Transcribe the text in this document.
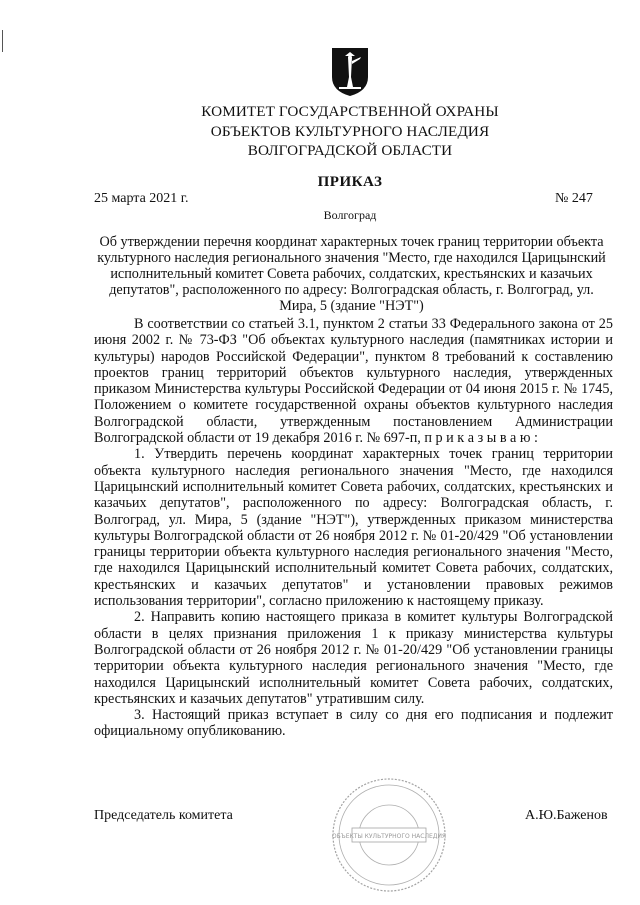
КОМИТЕТ ГОСУДАРСТВЕННОЙ ОХРАНЫ
ОБЪЕКТОВ КУЛЬТУРНОГО НАСЛЕДИЯ
ВОЛГОГРАДСКОЙ ОБЛАСТИ
ПРИКАЗ
25 марта 2021 г.	№ 247
Волгоград
Об утверждении перечня координат характерных точек границ территории объекта культурного наследия регионального значения "Место, где находился Царицынский исполнительный комитет Совета рабочих, солдатских, крестьянских и казачьих депутатов", расположенного по адресу: Волгоградская область, г. Волгоград, ул. Мира, 5 (здание "НЭТ")

В соответствии со статьей 3.1, пунктом 2 статьи 33 Федерального закона от 25 июня 2002 г. № 73-ФЗ "Об объектах культурного наследия (памятниках истории и культуры) народов Российской Федерации", пунктом 8 требований к составлению проектов границ территорий объектов культурного наследия, утвержденных приказом Министерства культуры Российской Федерации от 04 июня 2015 г. № 1745, Положением о комитете государственной охраны объектов культурного наследия Волгоградской области, утвержденным постановлением Администрации Волгоградской области от 19 декабря 2016 г. № 697-п, п р и к а з ы в а ю :

1. Утвердить перечень координат характерных точек границ территории объекта культурного наследия регионального значения "Место, где находился Царицынский исполнительный комитет Совета рабочих, солдатских, крестьянских и казачьих депутатов", расположенного по адресу: Волгоградская область, г. Волгоград, ул. Мира, 5 (здание "НЭТ"), утвержденных приказом министерства культуры Волгоградской области от 26 ноября 2012 г. № 01-20/429 "Об установлении границы территории объекта культурного наследия регионального значения "Место, где находился Царицынский исполнительный комитет Совета рабочих, солдатских, крестьянских и казачьих депутатов" и установлении правовых режимов использования территории", согласно приложению к настоящему приказу.

2. Направить копию настоящего приказа в комитет культуры Волгоградской области в целях признания приложения 1 к приказу министерства культуры Волгоградской области от 26 ноября 2012 г. № 01-20/429 "Об установлении границы территории объекта культурного наследия регионального значения "Место, где находился Царицынский исполнительный комитет Совета рабочих, солдатских, крестьянских и казачьих депутатов" утратившим силу.

3. Настоящий приказ вступает в силу со дня его подписания и подлежит официальному опубликованию.

Председатель комитета	А.Ю.Баженов
ОБЪЕКТЫ КУЛЬТУРНОГО НАСЛЕДИЯ
